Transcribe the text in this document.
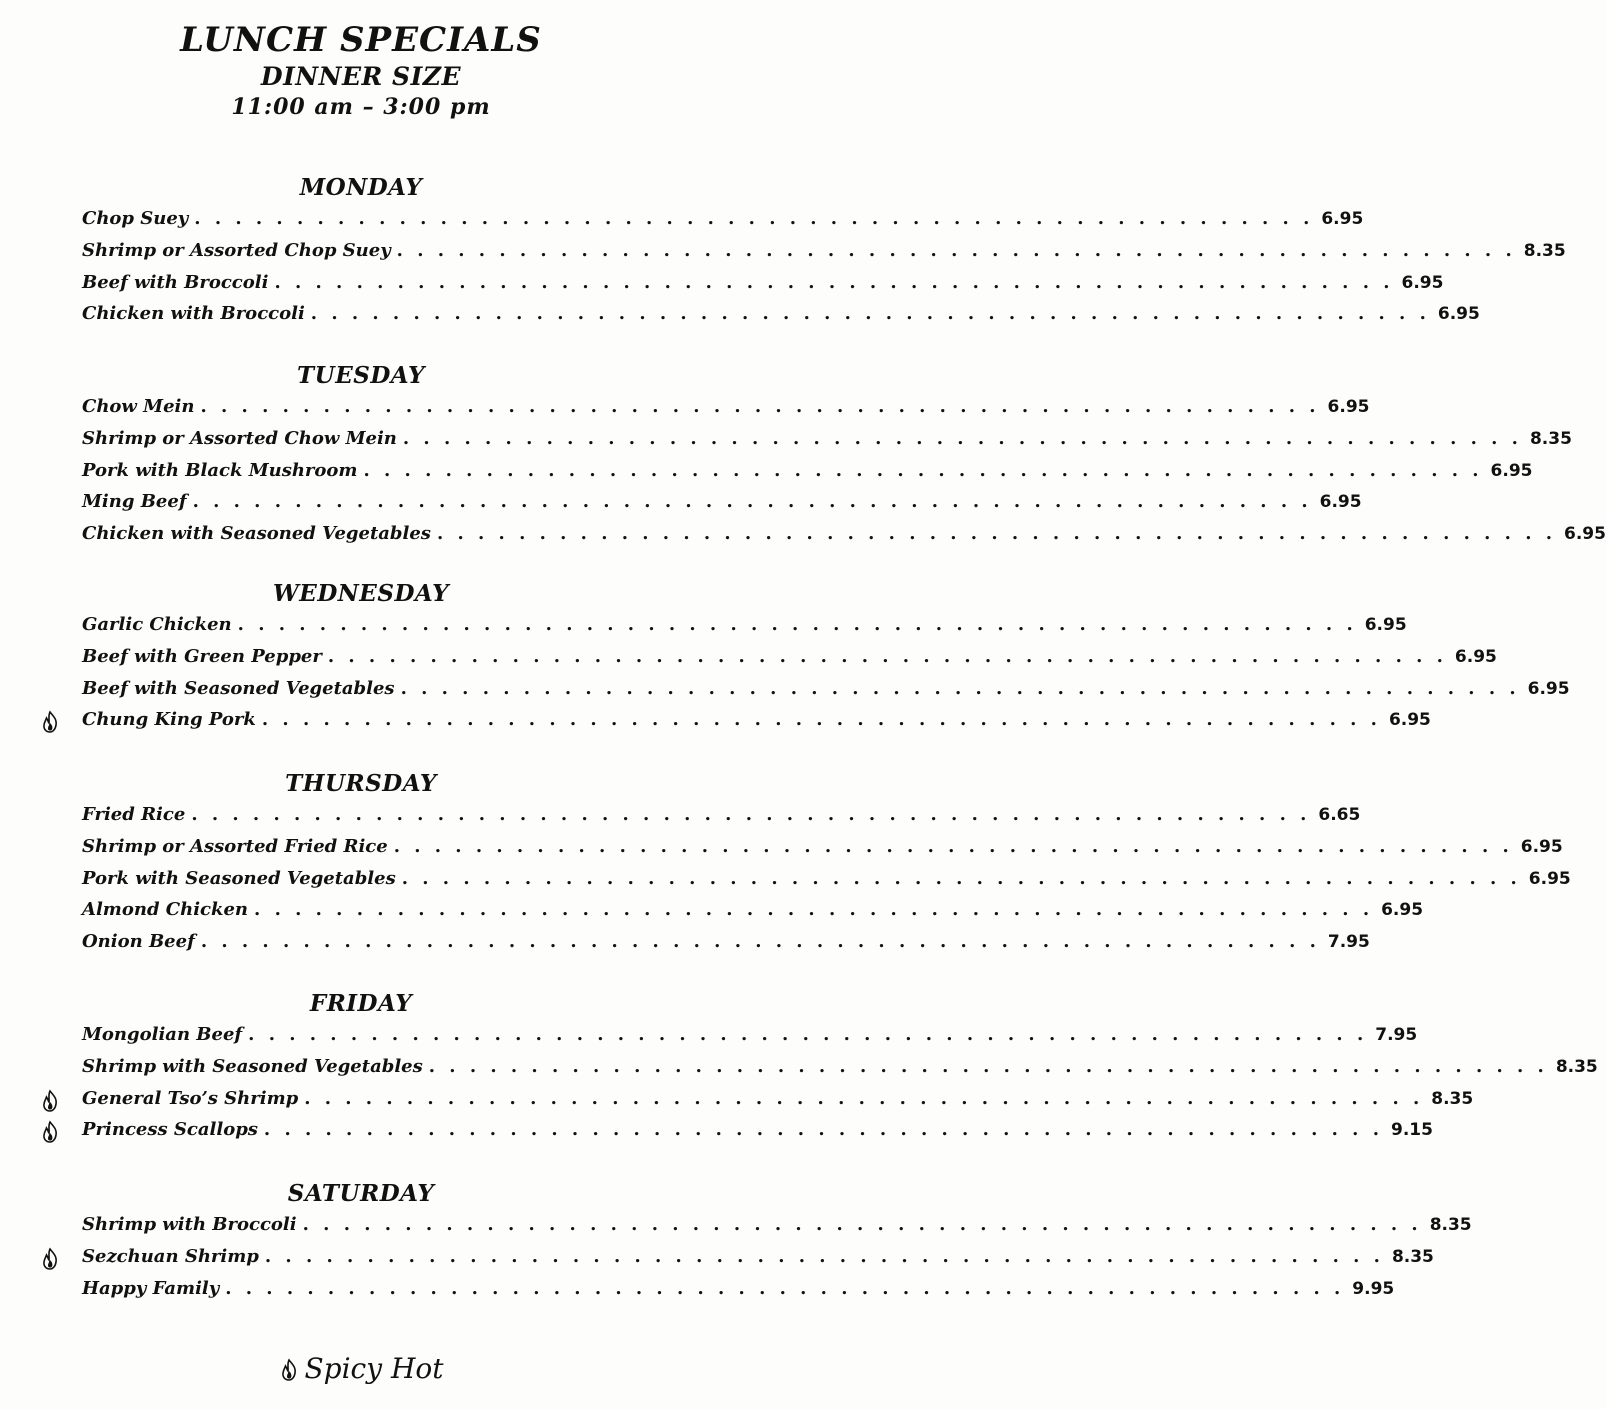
LUNCH SPECIALS
DINNER SIZE
11:00 am – 3:00 pm
MONDAY
Chop Suey . . . . . . . . . . . . . . . . . . . . . . . . . . . . . . . . . . . . . . . . . . . . . . . . . . . . . . . 6.95
Shrimp or Assorted Chop Suey . . . . . . . . . . . . . . . . . . . . . . . . . . . . . . . . . . . . . . . . . . . . . . . . . . . . . . . 8.35
Beef with Broccoli . . . . . . . . . . . . . . . . . . . . . . . . . . . . . . . . . . . . . . . . . . . . . . . . . . . . . . . 6.95
Chicken with Broccoli . . . . . . . . . . . . . . . . . . . . . . . . . . . . . . . . . . . . . . . . . . . . . . . . . . . . . . . 6.95
TUESDAY
Chow Mein . . . . . . . . . . . . . . . . . . . . . . . . . . . . . . . . . . . . . . . . . . . . . . . . . . . . . . . 6.95
Shrimp or Assorted Chow Mein . . . . . . . . . . . . . . . . . . . . . . . . . . . . . . . . . . . . . . . . . . . . . . . . . . . . . . . 8.35
Pork with Black Mushroom . . . . . . . . . . . . . . . . . . . . . . . . . . . . . . . . . . . . . . . . . . . . . . . . . . . . . . . 6.95
Ming Beef . . . . . . . . . . . . . . . . . . . . . . . . . . . . . . . . . . . . . . . . . . . . . . . . . . . . . . . 6.95
Chicken with Seasoned Vegetables . . . . . . . . . . . . . . . . . . . . . . . . . . . . . . . . . . . . . . . . . . . . . . . . . . . . . . . 6.95
WEDNESDAY
Garlic Chicken . . . . . . . . . . . . . . . . . . . . . . . . . . . . . . . . . . . . . . . . . . . . . . . . . . . . . . . 6.95
Beef with Green Pepper . . . . . . . . . . . . . . . . . . . . . . . . . . . . . . . . . . . . . . . . . . . . . . . . . . . . . . . 6.95
Beef with Seasoned Vegetables . . . . . . . . . . . . . . . . . . . . . . . . . . . . . . . . . . . . . . . . . . . . . . . . . . . . . . . 6.95
Chung King Pork . . . . . . . . . . . . . . . . . . . . . . . . . . . . . . . . . . . . . . . . . . . . . . . . . . . . . . . 6.95
THURSDAY
Fried Rice . . . . . . . . . . . . . . . . . . . . . . . . . . . . . . . . . . . . . . . . . . . . . . . . . . . . . . . 6.65
Shrimp or Assorted Fried Rice . . . . . . . . . . . . . . . . . . . . . . . . . . . . . . . . . . . . . . . . . . . . . . . . . . . . . . . 6.95
Pork with Seasoned Vegetables . . . . . . . . . . . . . . . . . . . . . . . . . . . . . . . . . . . . . . . . . . . . . . . . . . . . . . . 6.95
Almond Chicken . . . . . . . . . . . . . . . . . . . . . . . . . . . . . . . . . . . . . . . . . . . . . . . . . . . . . . . 6.95
Onion Beef . . . . . . . . . . . . . . . . . . . . . . . . . . . . . . . . . . . . . . . . . . . . . . . . . . . . . . . 7.95
FRIDAY
Mongolian Beef . . . . . . . . . . . . . . . . . . . . . . . . . . . . . . . . . . . . . . . . . . . . . . . . . . . . . . . 7.95
Shrimp with Seasoned Vegetables . . . . . . . . . . . . . . . . . . . . . . . . . . . . . . . . . . . . . . . . . . . . . . . . . . . . . . . 8.35
General Tso’s Shrimp . . . . . . . . . . . . . . . . . . . . . . . . . . . . . . . . . . . . . . . . . . . . . . . . . . . . . . . 8.35
Princess Scallops . . . . . . . . . . . . . . . . . . . . . . . . . . . . . . . . . . . . . . . . . . . . . . . . . . . . . . . 9.15
SATURDAY
Shrimp with Broccoli . . . . . . . . . . . . . . . . . . . . . . . . . . . . . . . . . . . . . . . . . . . . . . . . . . . . . . . 8.35
Sezchuan Shrimp . . . . . . . . . . . . . . . . . . . . . . . . . . . . . . . . . . . . . . . . . . . . . . . . . . . . . . . 8.35
Happy Family . . . . . . . . . . . . . . . . . . . . . . . . . . . . . . . . . . . . . . . . . . . . . . . . . . . . . . . 9.95
Spicy Hot
